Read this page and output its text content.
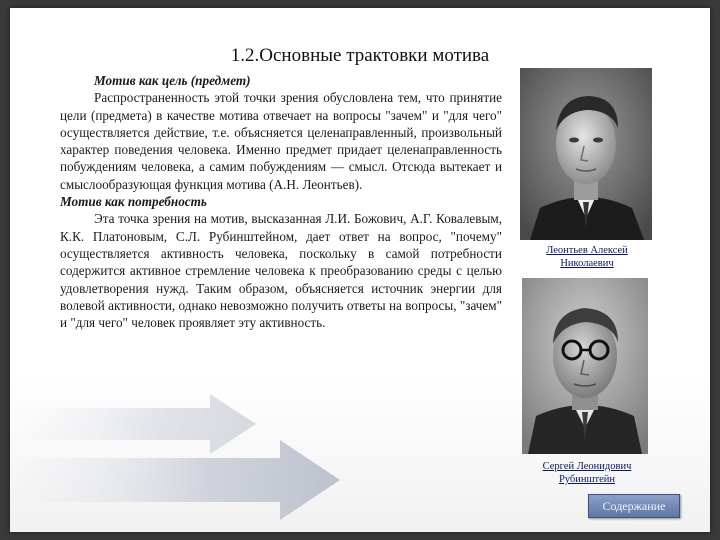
1.2.Основные трактовки мотива

Мотив как цель (предмет)

Распространенность этой точки зрения обусловлена тем, что принятие цели (предмета) в качестве мотива отвечает на вопросы "зачем" и "для чего" осуществляется действие, т.е. объясняется целенаправленный, произвольный характер поведения человека. Именно предмет придает целенаправленность побуждениям человека, а самим побуждениям — смысл. Отсюда вытекает и смыслообразующая функция мотива (А.Н. Леонтьев).

Мотив как потребность

Эта точка зрения на мотив, высказанная Л.И. Божович, А.Г. Ковалевым, К.К. Платоновым, С.Л. Рубинштейном, дает ответ на вопрос, "почему" осуществляется активность человека, поскольку в самой потребности содержится активное стремление человека к преобразованию среды с целью удовлетворения нужд. Таким образом, объясняется источник энергии для волевой активности, однако невозможно получить ответы на вопросы, "зачем" и "для чего" человек проявляет эту активность.

Леонтьев Алексей Николаевич
Сергей Леонидович Рубинштейн
Содержание
